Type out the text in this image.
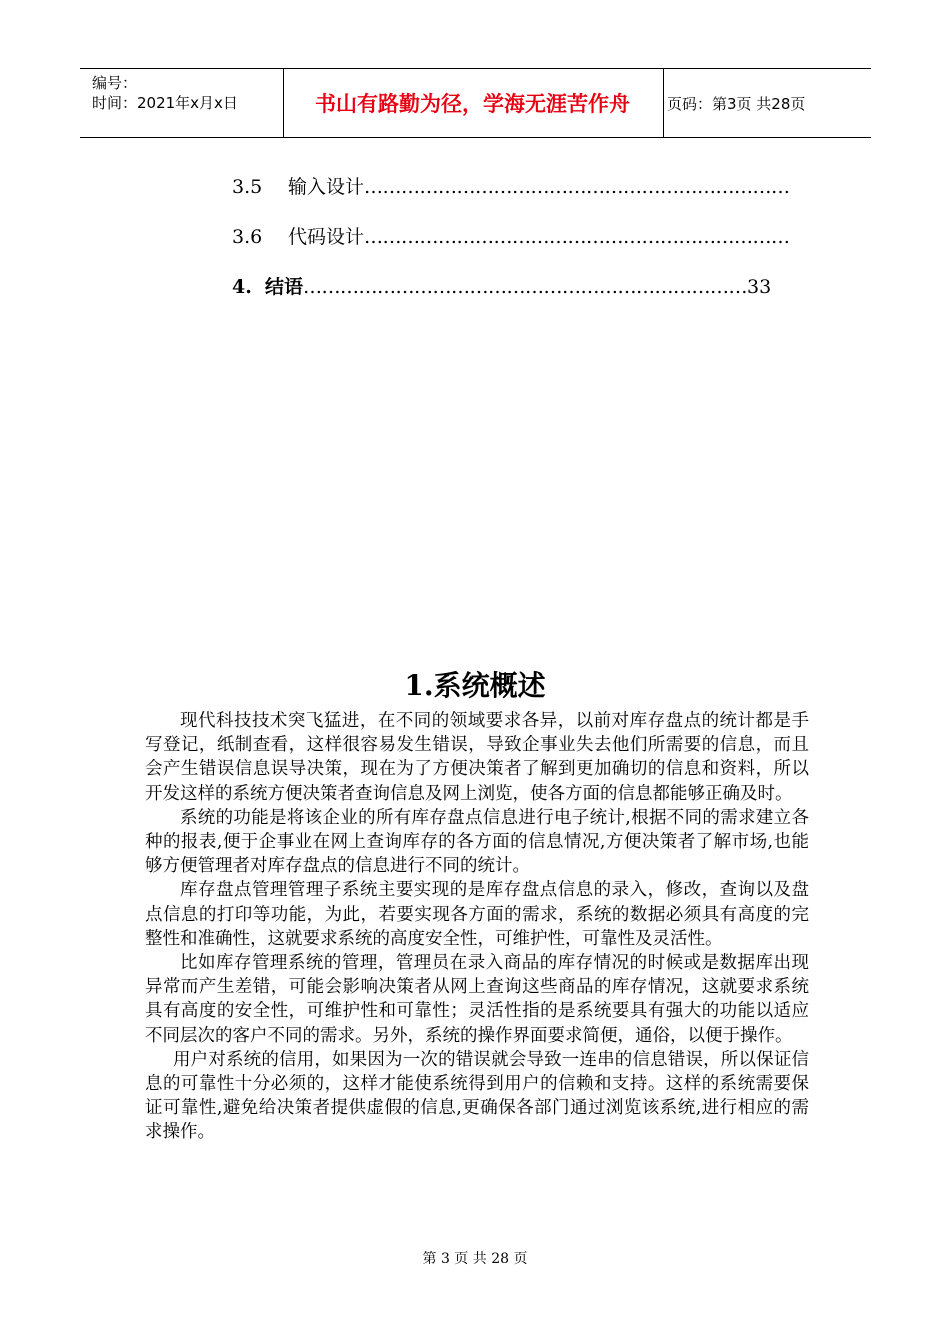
编号：
时间：2021年x月x日	书山有路勤为径，学海无涯苦作舟	页码：第3页 共28页
3.5 输入设计……………………………………………………………
3.6 代码设计……………………………………………………………
4. 结语………………………………………………………………33
1.系统概述

现代科技技术突飞猛进，在不同的领域要求各异，以前对库存盘点的统计都是手写登记，纸制查看，这样很容易发生错误，导致企事业失去他们所需要的信息，而且会产生错误信息误导决策，现在为了方便决策者了解到更加确切的信息和资料，所以开发这样的系统方便决策者查询信息及网上浏览，使各方面的信息都能够正确及时。

系统的功能是将该企业的所有库存盘点信息进行电子统计,根据不同的需求建立各种的报表,便于企事业在网上查询库存的各方面的信息情况,方便决策者了解市场,也能够方便管理者对库存盘点的信息进行不同的统计。

库存盘点管理管理子系统主要实现的是库存盘点信息的录入，修改，查询以及盘点信息的打印等功能，为此，若要实现各方面的需求，系统的数据必须具有高度的完整性和准确性，这就要求系统的高度安全性，可维护性，可靠性及灵活性。

比如库存管理系统的管理，管理员在录入商品的库存情况的时候或是数据库出现异常而产生差错，可能会影响决策者从网上查询这些商品的库存情况，这就要求系统具有高度的安全性，可维护性和可靠性；灵活性指的是系统要具有强大的功能以适应不同层次的客户不同的需求。另外，系统的操作界面要求简便，通俗，以便于操作。

用户对系统的信用，如果因为一次的错误就会导致一连串的信息错误，所以保证信息的可靠性十分必须的，这样才能使系统得到用户的信赖和支持。这样的系统需要保证可靠性,避免给决策者提供虚假的信息,更确保各部门通过浏览该系统,进行相应的需求操作。

第 3 页 共 28 页
